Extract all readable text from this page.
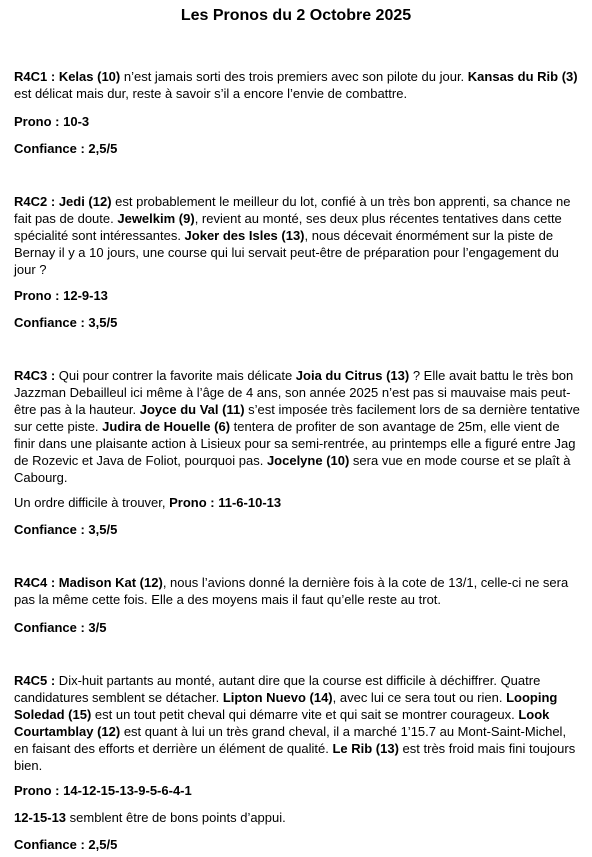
Les Pronos du 2 Octobre 2025

R4C1 : Kelas (10) n’est jamais sorti des trois premiers avec son pilote du jour. Kansas du Rib (3) est délicat mais dur, reste à savoir s’il a encore l’envie de combattre.

Prono : 10-3

Confiance : 2,5/5

R4C2 : Jedi (12) est probablement le meilleur du lot, confié à un très bon apprenti, sa chance ne fait pas de doute. Jewelkim (9), revient au monté, ses deux plus récentes tentatives dans cette spécialité sont intéressantes. Joker des Isles (13), nous décevait énormément sur la piste de Bernay il y a 10 jours, une course qui lui servait peut-être de préparation pour l’engagement du jour ?

Prono : 12-9-13

Confiance : 3,5/5

R4C3 : Qui pour contrer la favorite mais délicate Joia du Citrus (13) ? Elle avait battu le très bon Jazzman Debailleul ici même à l’âge de 4 ans, son année 2025 n’est pas si mauvaise mais peut-être pas à la hauteur. Joyce du Val (11) s’est imposée très facilement lors de sa dernière tentative sur cette piste. Judira de Houelle (6) tentera de profiter de son avantage de 25m, elle vient de finir dans une plaisante action à Lisieux pour sa semi-rentrée, au printemps elle a figuré entre Jag de Rozevic et Java de Foliot, pourquoi pas. Jocelyne (10) sera vue en mode course et se plaît à Cabourg.

Un ordre difficile à trouver, Prono : 11-6-10-13

Confiance : 3,5/5

R4C4 : Madison Kat (12), nous l’avions donné la dernière fois à la cote de 13/1, celle-ci ne sera pas la même cette fois. Elle a des moyens mais il faut qu’elle reste au trot.

Confiance : 3/5

R4C5 : Dix-huit partants au monté, autant dire que la course est difficile à déchiffrer. Quatre candidatures semblent se détacher. Lipton Nuevo (14), avec lui ce sera tout ou rien. Looping Soledad (15) est un tout petit cheval qui démarre vite et qui sait se montrer courageux. Look Courtamblay (12) est quant à lui un très grand cheval, il a marché 1’15.7 au Mont-Saint-Michel, en faisant des efforts et derrière un élément de qualité. Le Rib (13) est très froid mais fini toujours bien.

Prono : 14-12-15-13-9-5-6-4-1

12-15-13 semblent être de bons points d’appui.

Confiance : 2,5/5
